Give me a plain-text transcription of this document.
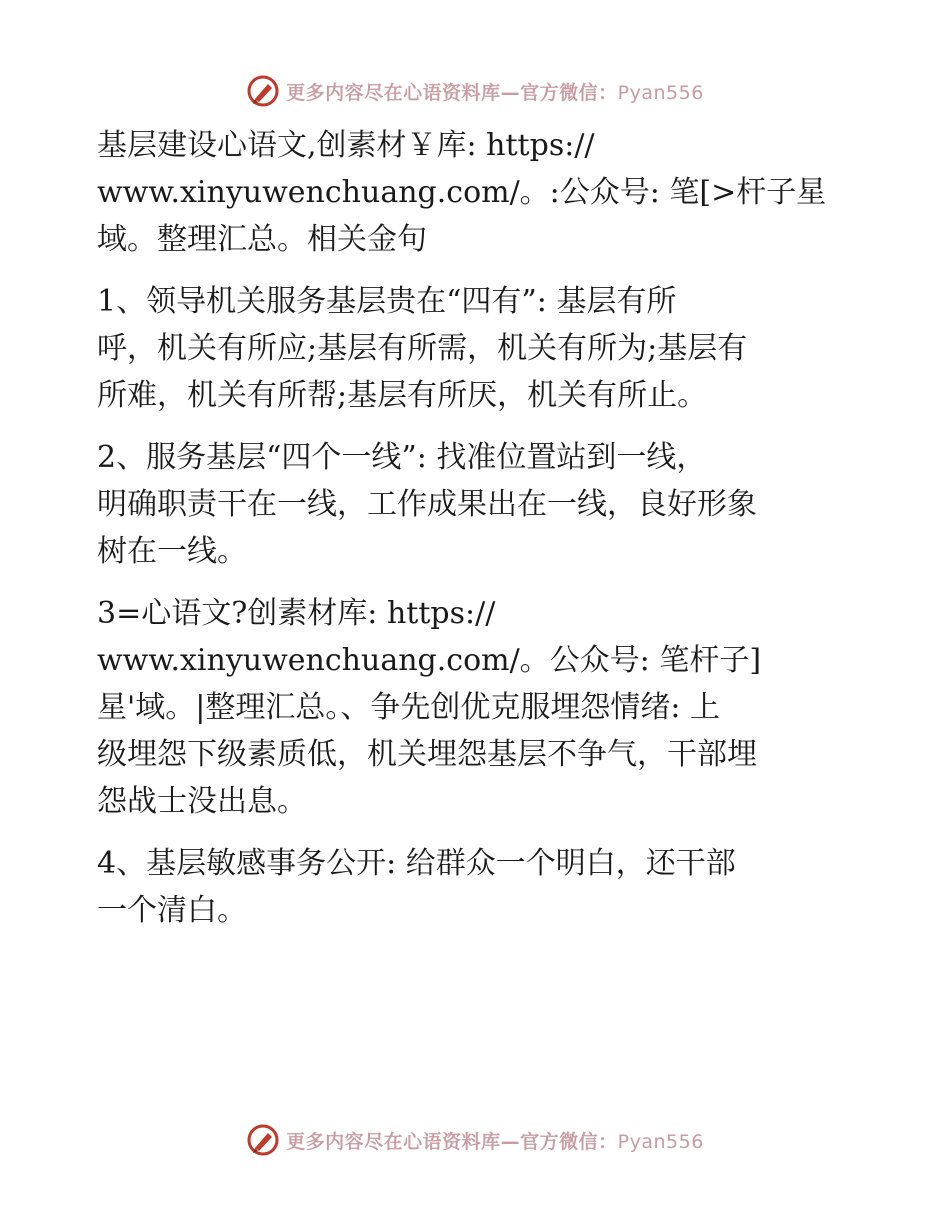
更多内容尽在心语资料库—官方微信：Pyan556
基层建设心语文,创素材￥库: https://
www.xinyuwenchuang.com/。:公众号: 笔[>杆子星
域。整理汇总。相关金句
1、领导机关服务基层贵在“四有”: 基层有所
呼，机关有所应;基层有所需，机关有所为;基层有
所难，机关有所帮;基层有所厌，机关有所止。
2、服务基层“四个一线”: 找准位置站到一线，
明确职责干在一线，工作成果出在一线，良好形象
树在一线。
3=心语文?创素材库: https://
www.xinyuwenchuang.com/。公众号: 笔杆子]
星'域。|整理汇总。、争先创优克服埋怨情绪: 上
级埋怨下级素质低，机关埋怨基层不争气，干部埋
怨战士没出息。
4、基层敏感事务公开: 给群众一个明白，还干部
一个清白。
更多内容尽在心语资料库—官方微信：Pyan556
